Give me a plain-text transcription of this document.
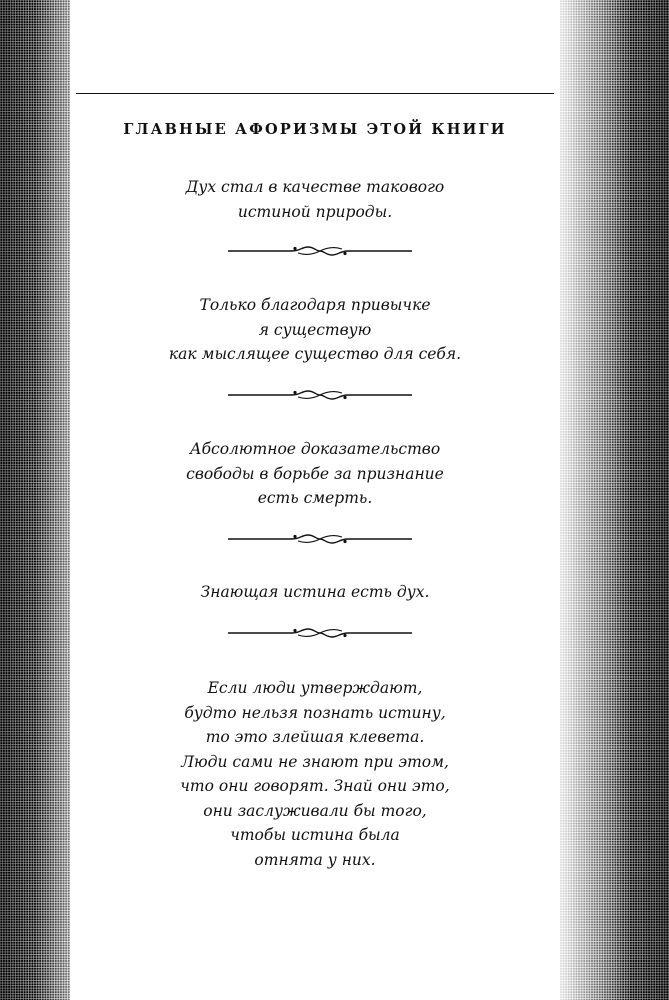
ГЛАВНЫЕ АФОРИЗМЫ ЭТОЙ КНИГИ

Дух стал в качестве такового
истиной природы.

Только благодаря привычке
я существую
как мыслящее существо для себя.

Абсолютное доказательство
свободы в борьбе за признание
есть смерть.

Знающая истина есть дух.

Если люди утверждают,
будто нельзя познать истину,
то это злейшая клевета.
Люди сами не знают при этом,
что они говорят. Знай они это,
они заслуживали бы того,
чтобы истина была
отнята у них.
